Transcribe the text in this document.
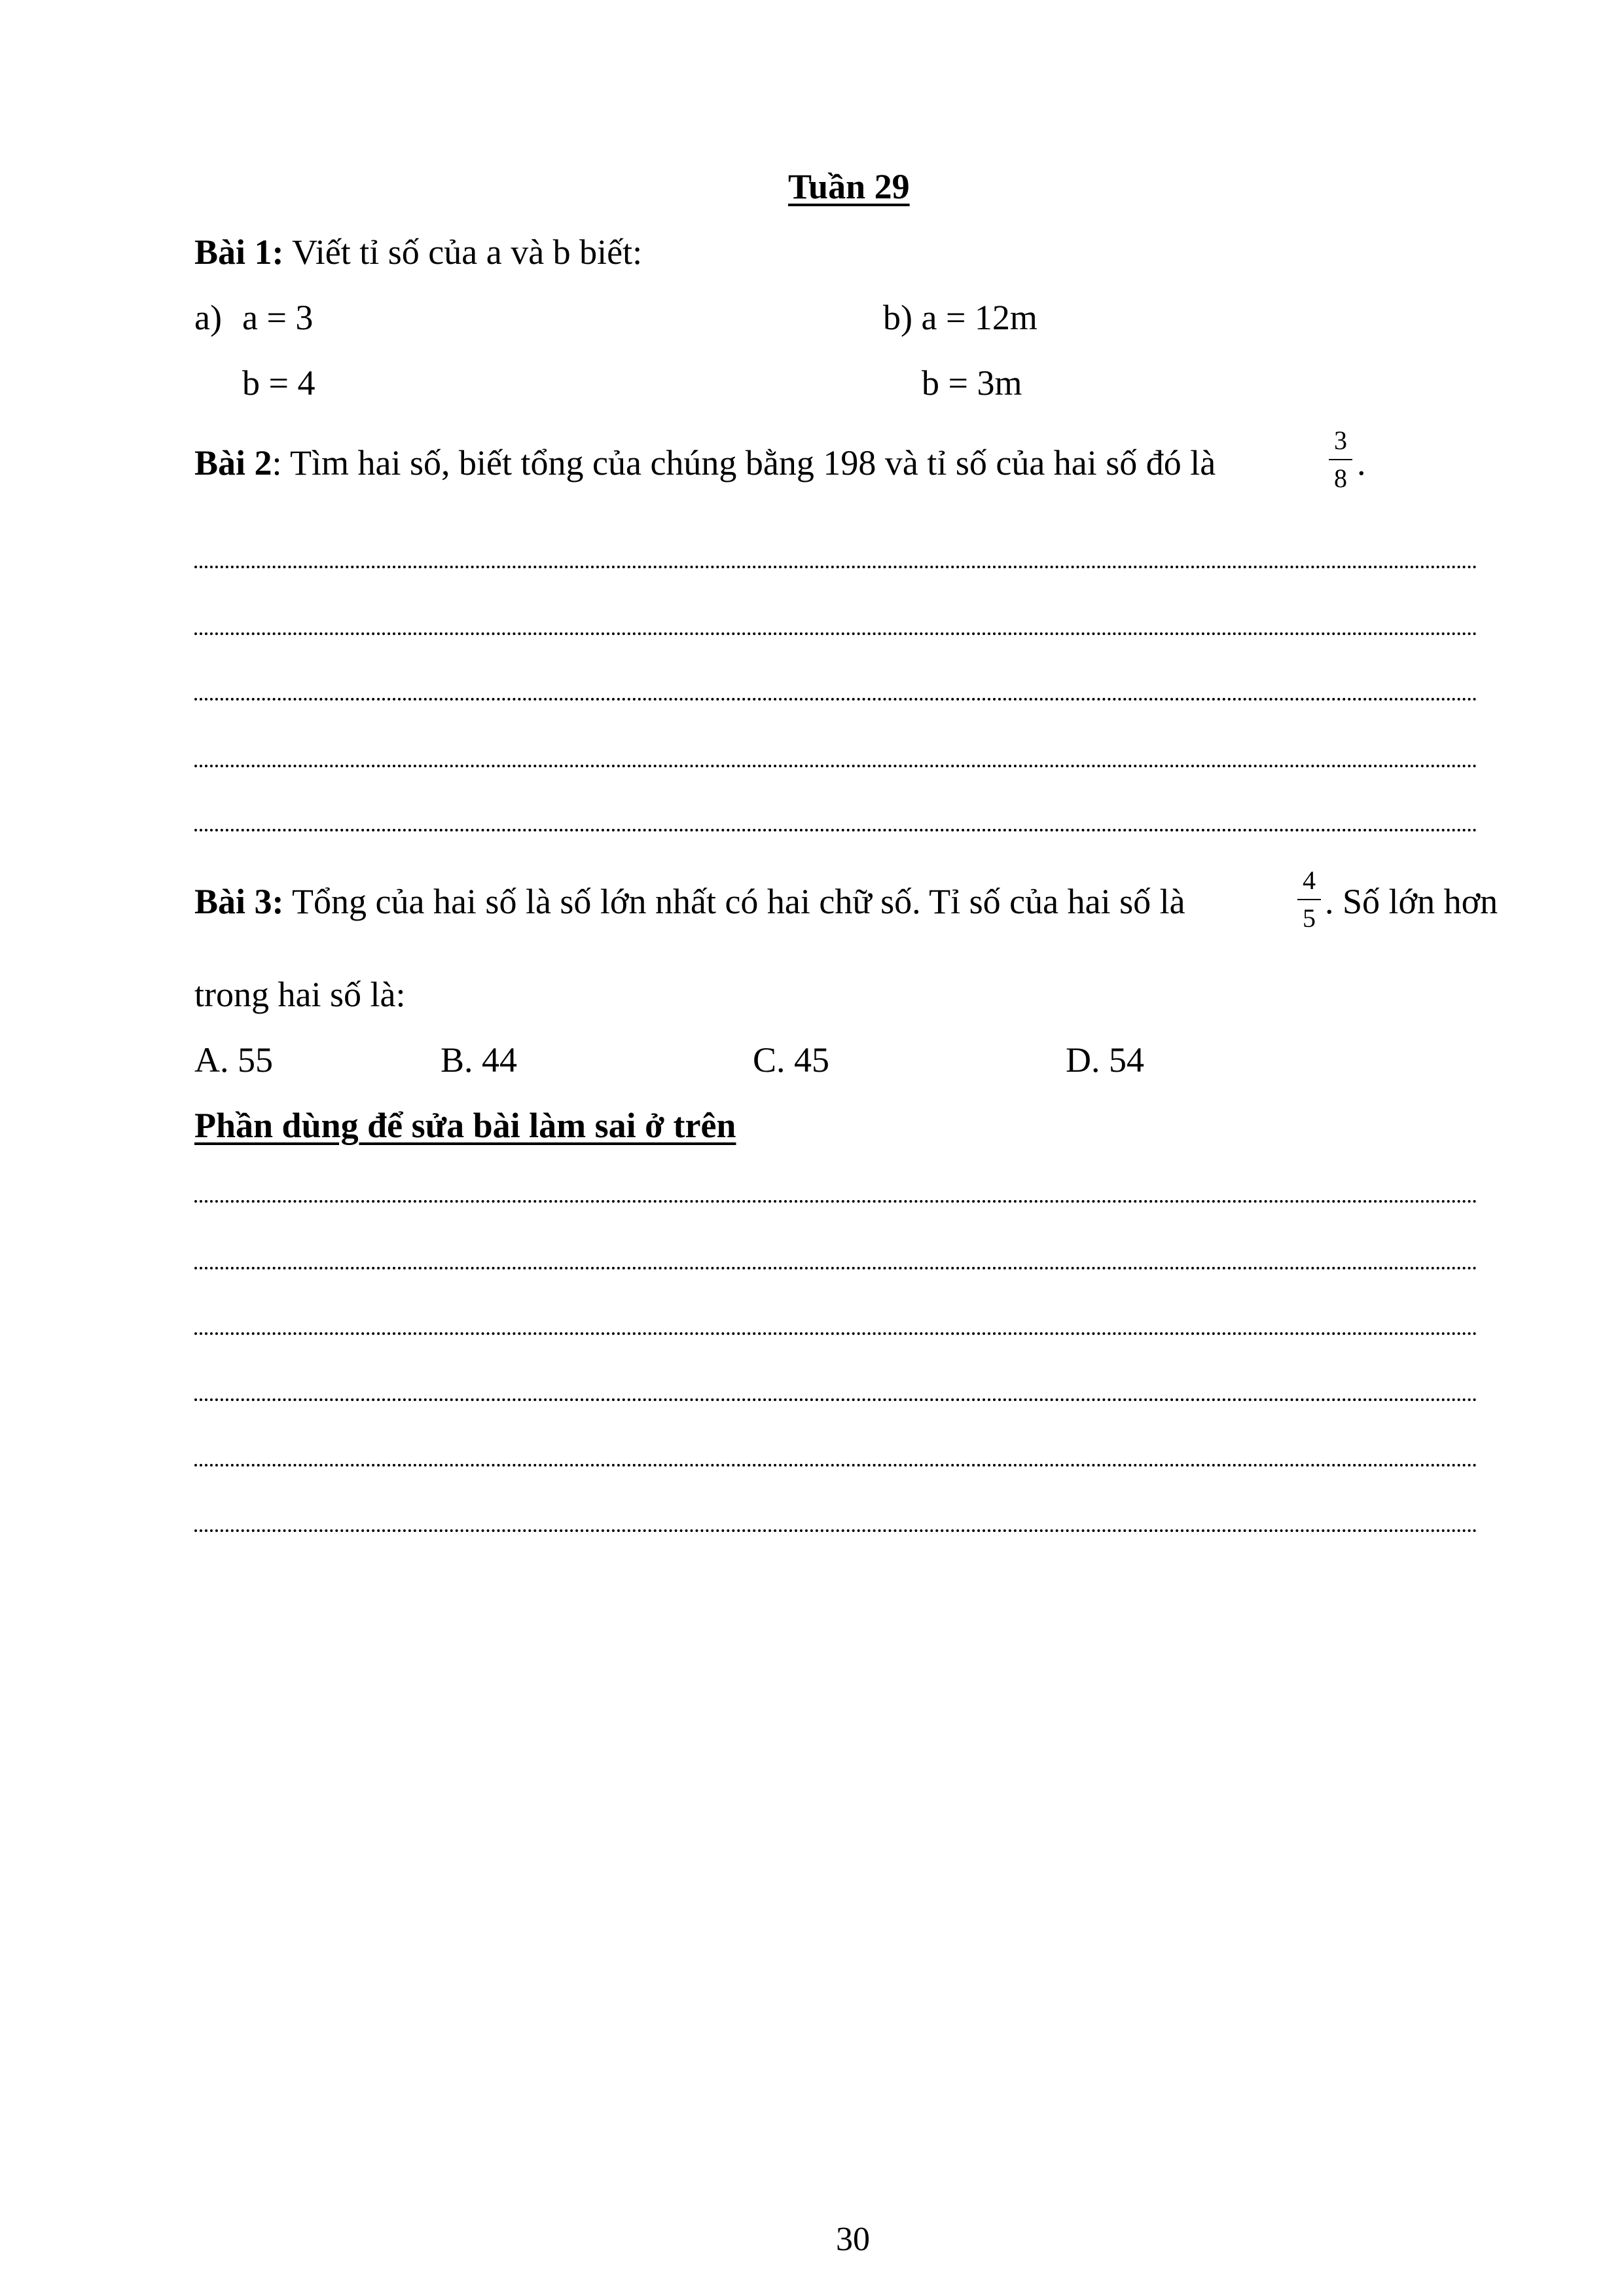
Tuần 29
Bài 1: Viết tỉ số của a và b biết:
a) a = 3
b = 4
b) a = 12m
b = 3m
Bài 2: Tìm hai số, biết tổng của chúng bằng 198 và tỉ số của hai số đó là
3
8 .
Bài 3: Tổng của hai số là số lớn nhất có hai chữ số. Tỉ số của hai số là
4
5 . Số lớn hơn
trong hai số là:
A. 55	B. 44	C. 45	D. 54
Phần dùng để sửa bài làm sai ở trên
30
